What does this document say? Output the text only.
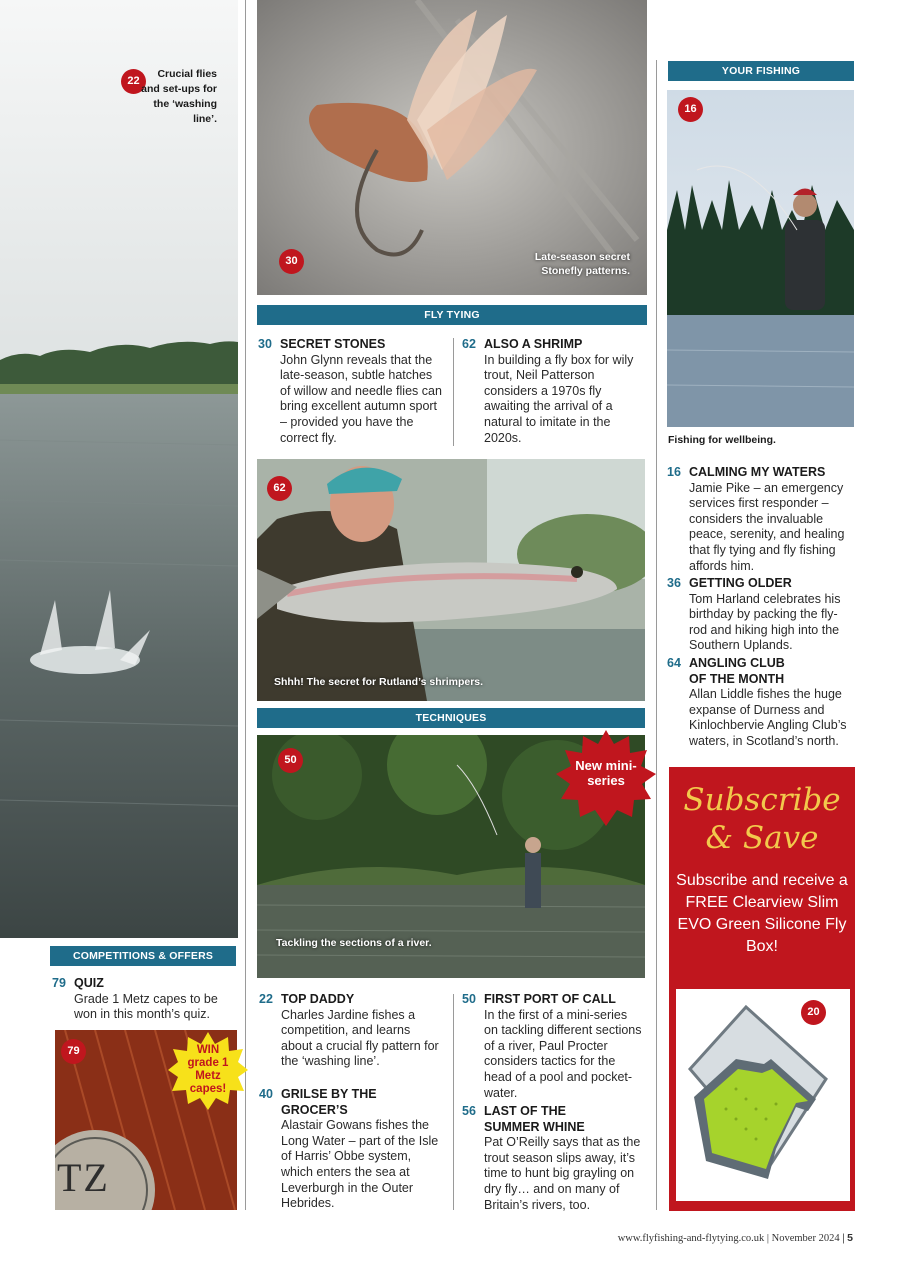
22
Crucial flies and set-ups for the ‘washing line’.
30	Late-season secret Stonefly patterns.
FLY TYING
30 SECRET STONES
John Glynn reveals that the late-season, subtle hatches of willow and needle flies can bring excellent autumn sport – provided you have the correct fly.
62 ALSO A SHRIMP
In building a fly box for wily trout, Neil Patterson considers a 1970s fly awaiting the arrival of a natural to imitate in the 2020s.
62
Shhh! The secret for Rutland’s shrimpers.
TECHNIQUES
50
Tackling the sections of a river.
New mini-series
22 TOP DADDY
Charles Jardine fishes a competition, and learns about a crucial fly pattern for the ‘washing line’.
40 GRILSE BY THE GROCER’S
Alastair Gowans fishes the Long Water – part of the Isle of Harris’ Obbe system, which enters the sea at Leverburgh in the Outer Hebrides.
50 FIRST PORT OF CALL
In the first of a mini-series on tackling different sections of a river, Paul Procter considers tactics for the head of a pool and pocket-water.
56 LAST OF THE SUMMER WHINE
Pat O’Reilly says that as the trout season slips away, it’s time to hunt big grayling on dry fly… and on many of Britain’s rivers, too.
COMPETITIONS & OFFERS
79 QUIZ
Grade 1 Metz capes to be won in this month’s quiz.
TZ
79	WIN grade 1 Metz capes!
YOUR FISHING
16
Fishing for wellbeing.
16 CALMING MY WATERS
Jamie Pike – an emergency services first responder – considers the invaluable peace, serenity, and healing that fly tying and fly fishing affords him.
36 GETTING OLDER
Tom Harland celebrates his birthday by packing the fly-rod and hiking high into the Southern Uplands.
64 ANGLING CLUB OF THE MONTH
Allan Liddle fishes the huge expanse of Durness and Kinlochbervie Angling Club’s waters, in Scotland’s north.
Subscribe
& Save
Subscribe and receive a FREE Clearview Slim EVO Green Silicone Fly Box!
20
www.flyfishing-and-flytying.co.uk | November 2024 | 5
